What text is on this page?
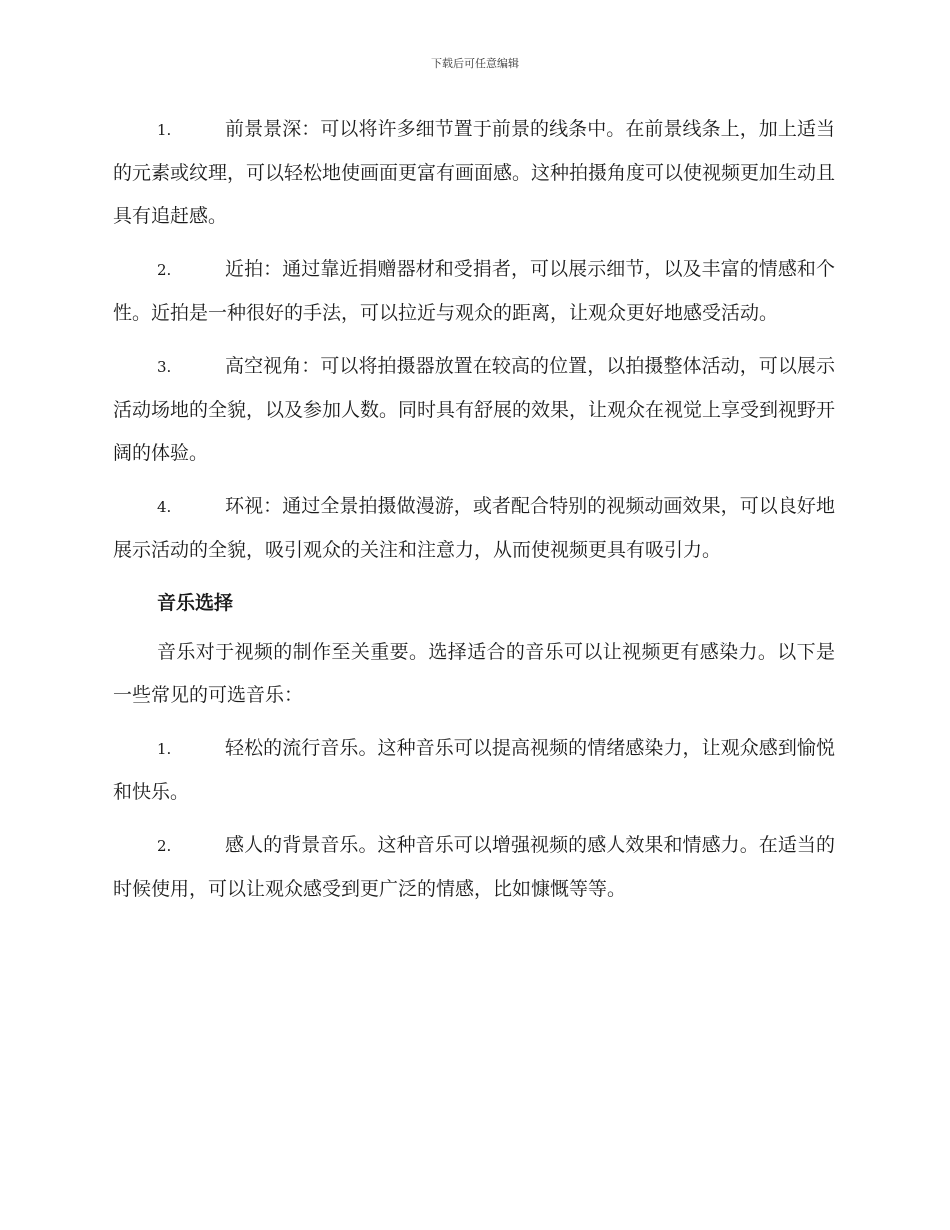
下载后可任意编辑

1.	前景景深：可以将许多细节置于前景的线条中。在前景线条上，加上适当的元素或纹理，可以轻松地使画面更富有画面感。这种拍摄角度可以使视频更加生动且具有追赶感。

2.	近拍：通过靠近捐赠器材和受捐者，可以展示细节，以及丰富的情感和个性。近拍是一种很好的手法，可以拉近与观众的距离，让观众更好地感受活动。

3.	高空视角：可以将拍摄器放置在较高的位置，以拍摄整体活动，可以展示活动场地的全貌，以及参加人数。同时具有舒展的效果，让观众在视觉上享受到视野开阔的体验。

4.	环视：通过全景拍摄做漫游，或者配合特别的视频动画效果，可以良好地展示活动的全貌，吸引观众的关注和注意力，从而使视频更具有吸引力。

音乐选择

音乐对于视频的制作至关重要。选择适合的音乐可以让视频更有感染力。以下是一些常见的可选音乐：

1.	轻松的流行音乐。这种音乐可以提高视频的情绪感染力，让观众感到愉悦和快乐。

2.	感人的背景音乐。这种音乐可以增强视频的感人效果和情感力。在适当的时候使用，可以让观众感受到更广泛的情感，比如慷慨等等。
